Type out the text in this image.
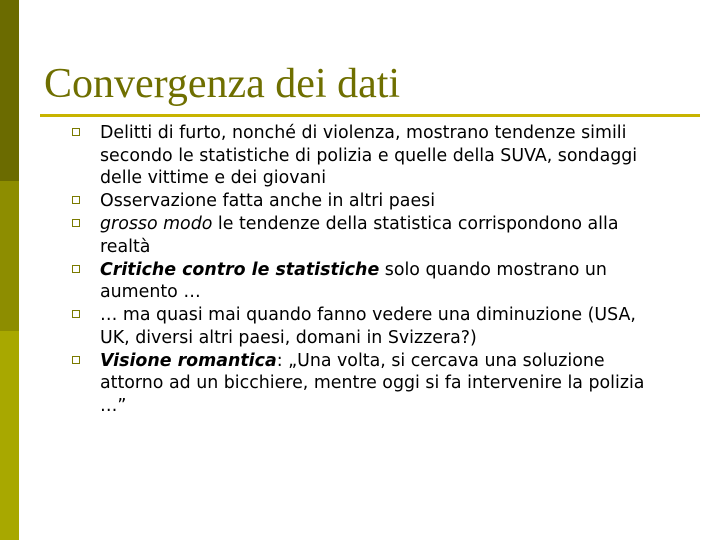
Convergenza dei dati
Delitti di furto, nonché di violenza, mostrano tendenze simili secondo le statistiche di polizia e quelle della SUVA, sondaggi delle vittime e dei giovani
Osservazione fatta anche in altri paesi
grosso modo le tendenze della statistica corrispondono alla realtà
Critiche contro le statistiche solo quando mostrano un aumento …
… ma quasi mai quando fanno vedere una diminuzione (USA, UK, diversi altri paesi, domani in Svizzera?)
Visione romantica: „Una volta, si cercava una soluzione attorno ad un bicchiere, mentre oggi si fa intervenire la polizia …”
